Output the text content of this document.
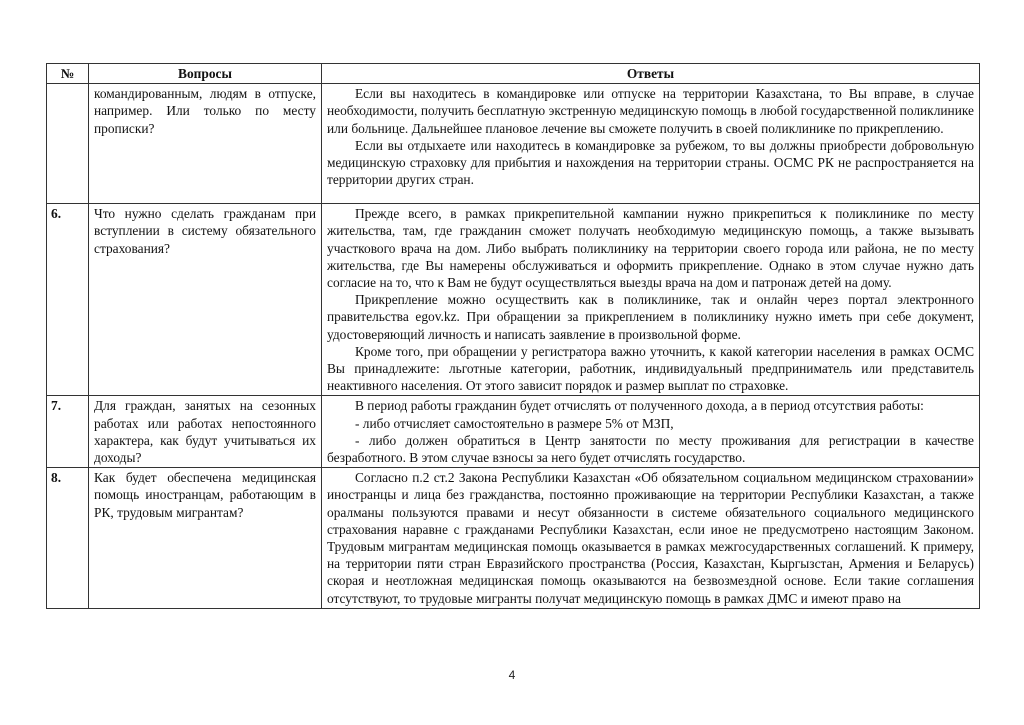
№	Вопросы	Ответы

	командированным, людям в отпуске, например. Или только по месту прописки?	Если вы находитесь в командировке или отпуске на территории Казахстана, то Вы вправе, в случае необходимости, получить бесплатную экстренную медицинскую помощь в любой государственной поликлинике или больнице. Дальнейшее плановое лечение вы сможете получить в своей поликлинике по прикреплению.

Если вы отдыхаете или находитесь в командировке за рубежом, то вы должны приобрести добровольную медицинскую страховку для прибытия и нахождения на территории страны. ОСМС РК не распространяется на территории других стран.

6.	Что нужно сделать гражданам при вступлении в систему обязательного страхования?	Прежде всего, в рамках прикрепительной кампании нужно прикрепиться к поликлинике по месту жительства, там, где гражданин сможет получать необходимую медицинскую помощь, а также вызывать участкового врача на дом. Либо выбрать поликлинику на территории своего города или района, не по месту жительства, где Вы намерены обслуживаться и оформить прикрепление. Однако в этом случае нужно дать согласие на то, что к Вам не будут осуществляться выезды врача на дом и патронаж детей на дому.

Прикрепление можно осуществить как в поликлинике, так и онлайн через портал электронного правительства egov.kz. При обращении за прикреплением в поликлинику нужно иметь при себе документ, удостоверяющий личность и написать заявление в произвольной форме.

Кроме того, при обращении у регистратора важно уточнить, к какой категории населения в рамках ОСМС Вы принадлежите: льготные категории, работник, индивидуальный предприниматель или представитель неактивного населения. От этого зависит порядок и размер выплат по страховке.

7.	Для граждан, занятых на сезонных работах или работах непостоянного характера, как будут учитываться их доходы?	В период работы гражданин будет отчислять от полученного дохода, а в период отсутствия работы:

- либо отчисляет самостоятельно в размере 5% от МЗП,

- либо должен обратиться в Центр занятости по месту проживания для регистрации в качестве безработного. В этом случае взносы за него будет отчислять государство.

8.	Как будет обеспечена медицинская помощь иностранцам, работающим в РК, трудовым мигрантам?	Согласно п.2 ст.2 Закона Республики Казахстан «Об обязательном социальном медицинском страховании» иностранцы и лица без гражданства, постоянно проживающие на территории Республики Казахстан, а также оралманы пользуются правами и несут обязанности в системе обязательного социального медицинского страхования наравне с гражданами Республики Казахстан, если иное не предусмотрено настоящим Законом. Трудовым мигрантам медицинская помощь оказывается в рамках межгосударственных соглашений. К примеру, на территории пяти стран Евразийского пространства (Россия, Казахстан, Кыргызстан, Армения и Беларусь) скорая и неотложная медицинская помощь оказываются на безвозмездной основе. Если такие соглашения отсутствуют, то трудовые мигранты получат медицинскую помощь в рамках ДМС и имеют право на

4
